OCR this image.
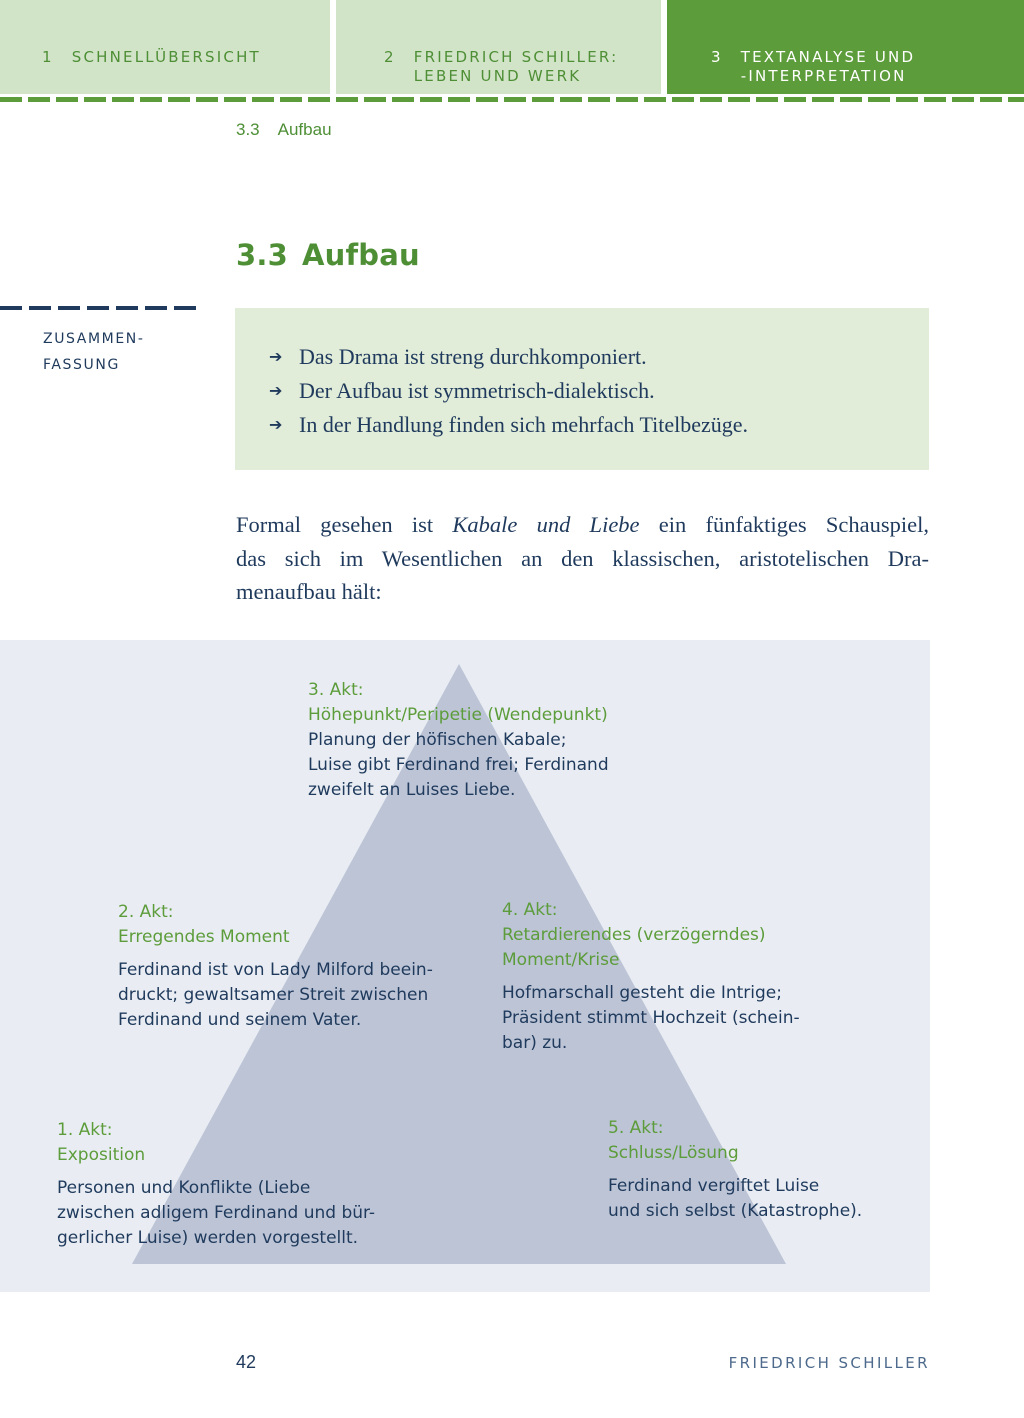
1 SCHNELLÜBERSICHT	2 FRIEDRICH SCHILLER:
LEBEN UND WERK
3 TEXTANALYSE UND
-INTERPRETATION
3.3 Aufbau
3.3 Aufbau
ZUSAMMEN-
FASSUNG	➔ Das Drama ist streng durchkomponiert.
➔ Der Aufbau ist symmetrisch-dialektisch.
➔ In der Handlung finden sich mehrfach Titelbezüge.
Formal gesehen ist Kabale und Liebe ein fünfaktiges Schauspiel,
das sich im Wesentlichen an den klassischen, aristotelischen Dra-
menaufbau hält:
3. Akt:
Höhepunkt/Peripetie (Wendepunkt)
Planung der höfischen Kabale;
Luise gibt Ferdinand frei; Ferdinand
zweifelt an Luises Liebe.
2. Akt:
Erregendes Moment
Ferdinand ist von Lady Milford beein-
druckt; gewaltsamer Streit zwischen
Ferdinand und seinem Vater.
4. Akt:
Retardierendes (verzögerndes)
Moment/Krise
Hofmarschall gesteht die Intrige;
Präsident stimmt Hochzeit (schein-
bar) zu.
1. Akt:
Exposition
Personen und Konflikte (Liebe
zwischen adligem Ferdinand und bür-
gerlicher Luise) werden vorgestellt.
5. Akt:
Schluss/Lösung
Ferdinand vergiftet Luise
und sich selbst (Katastrophe).
42	FRIEDRICH SCHILLER
